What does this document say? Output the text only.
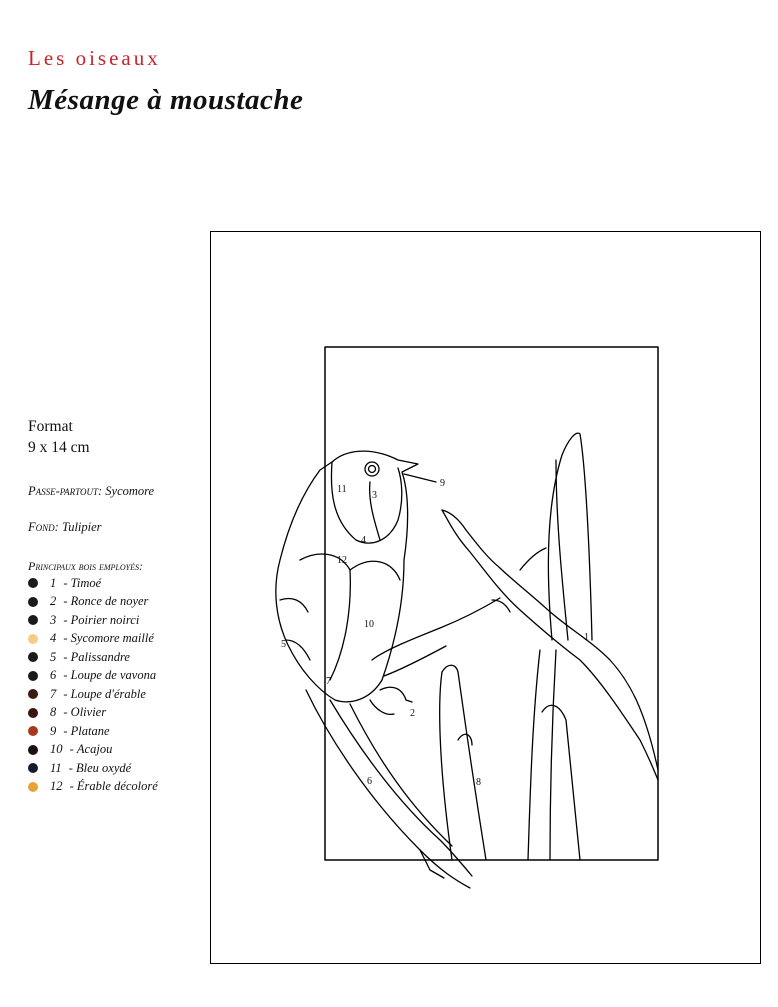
Les oiseaux
Mésange à moustache
Format
9 x 14 cm
Passe-partout: Sycomore
Fond: Tulipier
Principaux bois employés:
1 - Timoé
2 - Ronce de noyer
3 - Poirier noirci
4 - Sycomore maillé
5 - Palissandre
6 - Loupe de vavona
7 - Loupe d'érable
8 - Olivier
9 - Platane
10 - Acajou
11 - Bleu oxydé
12 - Érable décoloré
11
3
9
4
12
10
5
7
2
6
1
8
